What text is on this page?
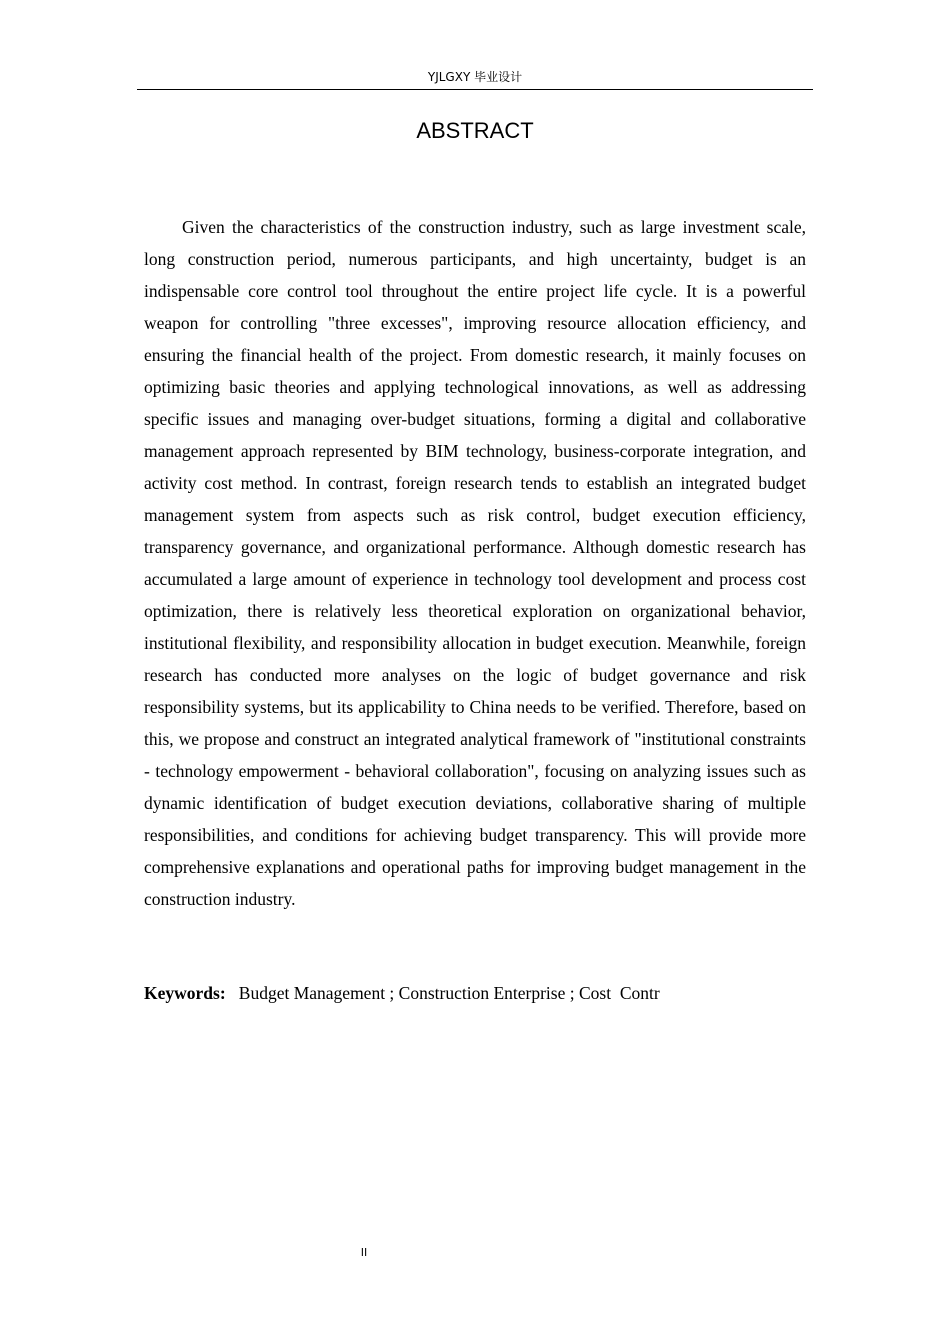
YJLGXY 毕业设计
ABSTRACT

Given the characteristics of the construction industry, such as large investment scale, long construction period, numerous participants, and high uncertainty, budget is an indispensable core control tool throughout the entire project life cycle. It is a powerful weapon for controlling "three excesses", improving resource allocation efficiency, and ensuring the financial health of the project. From domestic research, it mainly focuses on optimizing basic theories and applying technological innovations, as well as addressing specific issues and managing over-budget situations, forming a digital and collaborative management approach represented by BIM technology, business-corporate integration, and activity cost method. In contrast, foreign research tends to establish an integrated budget management system from aspects such as risk control, budget execution efficiency, transparency governance, and organizational performance. Although domestic research has accumulated a large amount of experience in technology tool development and process cost optimization, there is relatively less theoretical exploration on organizational behavior, institutional flexibility, and responsibility allocation in budget execution. Meanwhile, foreign research has conducted more analyses on the logic of budget governance and risk responsibility systems, but its applicability to China needs to be verified. Therefore, based on this, we propose and construct an integrated analytical framework of "institutional constraints - technology empowerment - behavioral collaboration", focusing on analyzing issues such as dynamic identification of budget execution deviations, collaborative sharing of multiple responsibilities, and conditions for achieving budget transparency. This will provide more comprehensive explanations and operational paths for improving budget management in the construction industry.

Keywords: Budget Management ; Construction Enterprise ; Cost  Contr
II
